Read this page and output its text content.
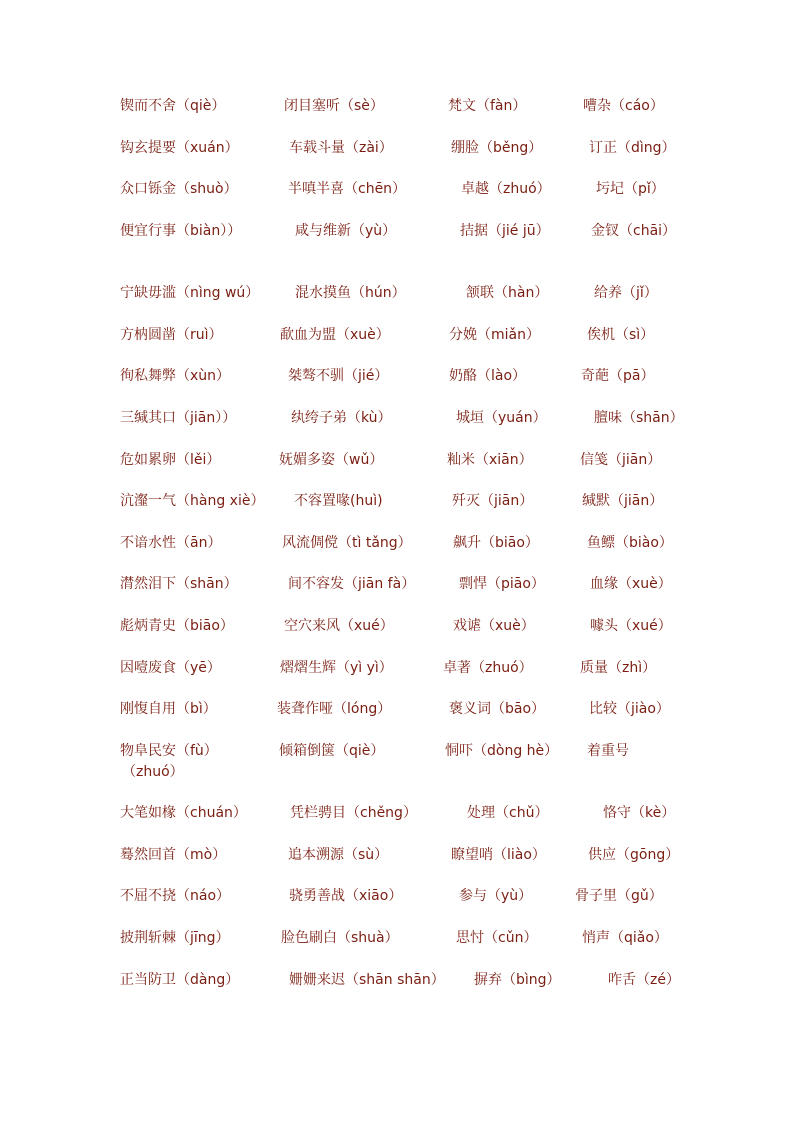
锲而不舍（qiè）	闭目塞听（sè）	梵文（fàn）	嘈杂（cáo）
钩玄提要（xuán）	车载斗量（zài）	绷脸（běng）	订正（dìng）
众口铄金（shuò）	半嗔半喜（chēn）	卓越（zhuó）	圬圮（pǐ）
便宜行事（biàn））	咸与维新（yù）	拮据（jié jū）	金钗（chāi）
宁缺毋滥（nìng wú）	混水摸鱼（hún）	颔联（hàn）	给养（jǐ）
方枘圆凿（ruì）	歃血为盟（xuè）	分娩（miǎn）	俟机（sì）
徇私舞弊（xùn）	桀骜不驯（jié）	奶酪（lào）	奇葩（pā）
三缄其口（jiān））	纨绔子弟（kù）	城垣（yuán）	膻味（shān）
危如累卵（lěi）	妩媚多姿（wǔ）	籼米（xiān）	信笺（jiān）
沆瀣一气（hàng xiè） 不容置喙(huì)	歼灭（jiān）	缄默（jiān）
不谙水性（ān）	风流倜傥（tì tǎng）	飙升（biāo）	鱼鳔（biào）
潸然泪下（shān）	间不容发（jiān fà）	剽悍（piāo）	血缘（xuè）
彪炳青史（biāo）	空穴来风（xué）	戏谑（xuè）	噱头（xué）
因噎废食（yē）	熠熠生辉（yì yì）	卓著（zhuó）	质量（zhì）
刚愎自用（bì）	装聋作哑（lóng）	褒义词（bāo）	比较（jiào）
物阜民安（fù）	倾箱倒箧（qiè）	恫吓（dòng hè） 着重号
（zhuó）
大笔如椽（chuán）	凭栏骋目（chěng）	处理（chǔ）	恪守（kè）
蓦然回首（mò）	追本溯源（sù）	瞭望哨（liào）	供应（gōng）
不屈不挠（náo）	骁勇善战（xiāo）	参与（yù）	骨子里（gǔ）
披荆斩棘（jīng）	脸色刷白（shuà）	思忖（cǔn）	悄声（qiǎo）
正当防卫（dàng）	姗姗来迟（shān shān） 摒弃（bìng）	咋舌（zé）
